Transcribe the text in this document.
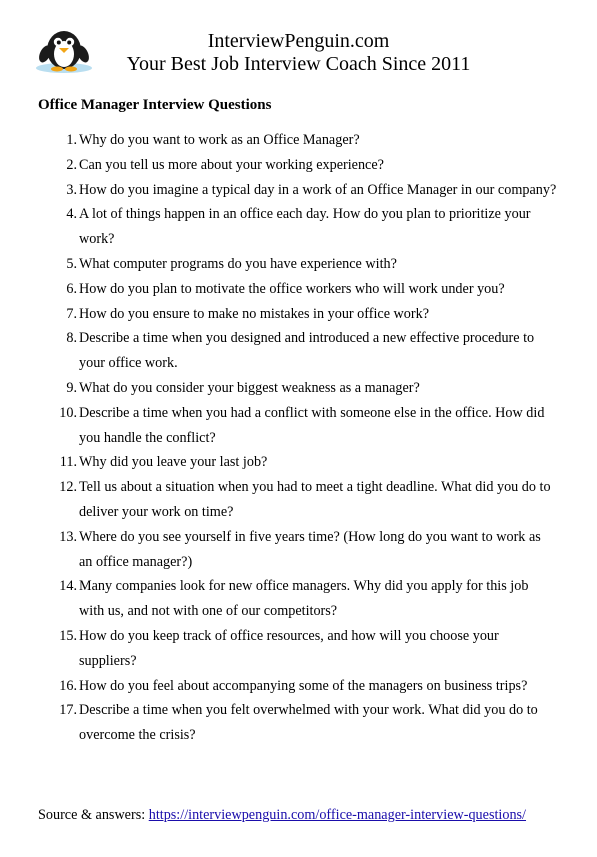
InterviewPenguin.com
Your Best Job Interview Coach Since 2011
Office Manager Interview Questions
1. Why do you want to work as an Office Manager?
2. Can you tell us more about your working experience?
3. How do you imagine a typical day in a work of an Office Manager in our company?
4. A lot of things happen in an office each day. How do you plan to prioritize your work?
5. What computer programs do you have experience with?
6. How do you plan to motivate the office workers who will work under you?
7. How do you ensure to make no mistakes in your office work?
8. Describe a time when you designed and introduced a new effective procedure to your office work.
9. What do you consider your biggest weakness as a manager?
10. Describe a time when you had a conflict with someone else in the office. How did you handle the conflict?
11. Why did you leave your last job?
12. Tell us about a situation when you had to meet a tight deadline. What did you do to deliver your work on time?
13. Where do you see yourself in five years time? (How long do you want to work as an office manager?)
14. Many companies look for new office managers. Why did you apply for this job with us, and not with one of our competitors?
15. How do you keep track of office resources, and how will you choose your suppliers?
16. How do you feel about accompanying some of the managers on business trips?
17. Describe a time when you felt overwhelmed with your work. What did you do to overcome the crisis?
Source & answers: https://interviewpenguin.com/office-manager-interview-questions/
